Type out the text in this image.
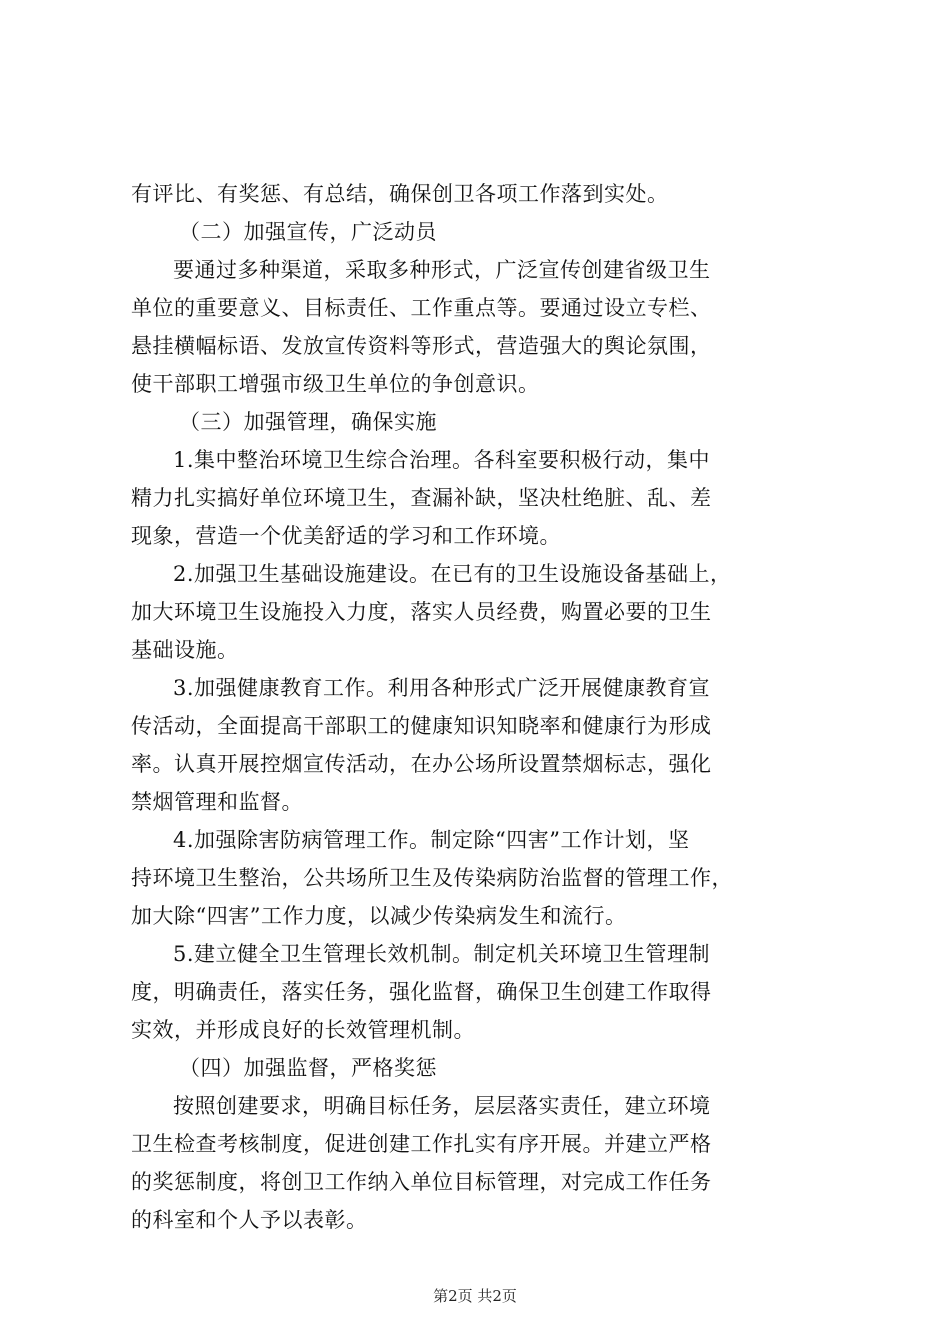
有评比、有奖惩、有总结，确保创卫各项工作落到实处。
（二）加强宣传，广泛动员
要通过多种渠道，采取多种形式，广泛宣传创建省级卫生
单位的重要意义、目标责任、工作重点等。要通过设立专栏、
悬挂横幅标语、发放宣传资料等形式，营造强大的舆论氛围，
使干部职工增强市级卫生单位的争创意识。
（三）加强管理，确保实施
1.集中整治环境卫生综合治理。各科室要积极行动，集中
精力扎实搞好单位环境卫生，查漏补缺，坚决杜绝脏、乱、差
现象，营造一个优美舒适的学习和工作环境。
2.加强卫生基础设施建设。在已有的卫生设施设备基础上，
加大环境卫生设施投入力度，落实人员经费，购置必要的卫生
基础设施。
3.加强健康教育工作。利用各种形式广泛开展健康教育宣
传活动，全面提高干部职工的健康知识知晓率和健康行为形成
率。认真开展控烟宣传活动，在办公场所设置禁烟标志，强化
禁烟管理和监督。
4.加强除害防病管理工作。制定除“四害”工作计划，坚
持环境卫生整治，公共场所卫生及传染病防治监督的管理工作，
加大除“四害”工作力度，以减少传染病发生和流行。
5.建立健全卫生管理长效机制。制定机关环境卫生管理制
度，明确责任，落实任务，强化监督，确保卫生创建工作取得
实效，并形成良好的长效管理机制。
（四）加强监督，严格奖惩
按照创建要求，明确目标任务，层层落实责任，建立环境
卫生检查考核制度，促进创建工作扎实有序开展。并建立严格
的奖惩制度，将创卫工作纳入单位目标管理，对完成工作任务
的科室和个人予以表彰。
第2页 共2页
